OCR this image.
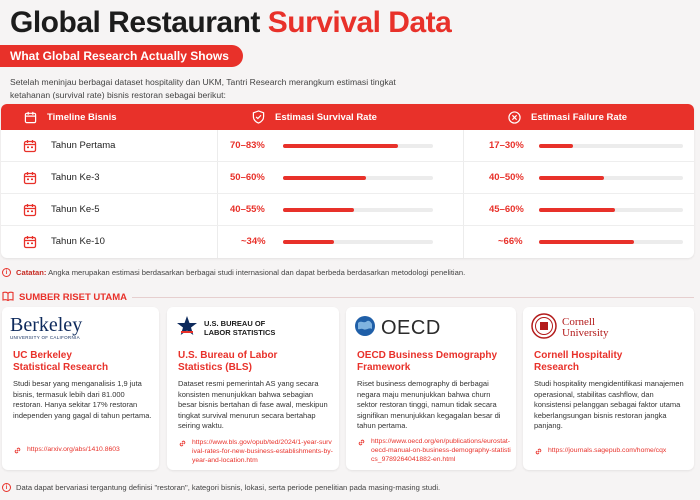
Global Restaurant Survival Data
What Global Research Actually Shows
Setelah meninjau berbagai dataset hospitality dan UKM, Tantri Research merangkum estimasi tingkat ketahanan (survival rate) bisnis restoran sebagai berikut:
Timeline Bisnis	Estimasi Survival Rate	Estimasi Failure Rate
Tahun Pertama	70–83%	17–30%
Tahun Ke-3	50–60%	40–50%
Tahun Ke-5	40–55%	45–60%
Tahun Ke-10	~34%	~66%
i	Catatan: Angka merupakan estimasi berdasarkan berbagai studi internasional dan dapat berbeda berdasarkan metodologi penelitian.
SUMBER RISET UTAMA
Berkeley
UNIVERSITY OF CALIFORNIA
UC Berkeley
Statistical Research
Studi besar yang menganalisis 1,9 juta bisnis, termasuk lebih dari 81.000 restoran. Hanya sekitar 17% restoran independen yang gagal di tahun pertama.
https://arxiv.org/abs/1410.8603
U.S. BUREAU OF
LABOR STATISTICS
U.S. Bureau of Labor
Statistics (BLS)
Dataset resmi pemerintah AS yang secara konsisten menunjukkan bahwa sebagian besar bisnis bertahan di fase awal, meskipun tingkat survival menurun secara bertahap seiring waktu.
https://www.bls.gov/opub/ted/2024/1-year-survival-rates-for-new-business-establishments-by-year-and-location.htm
OECD
OECD Business Demography
Framework
Riset business demography di berbagai negara maju menunjukkan bahwa churn sektor restoran tinggi, namun tidak secara signifikan menunjukkan kegagalan besar di tahun pertama.
https://www.oecd.org/en/publications/eurostat-oecd-manual-on-business-demography-statistics_9789264041882-en.html
Cornell
University
Cornell Hospitality
Research
Studi hospitality mengidentifikasi manajemen operasional, stabilitas cashflow, dan konsistensi pelanggan sebagai faktor utama keberlangsungan bisnis restoran jangka panjang.
https://journals.sagepub.com/home/cqx
i	Data dapat bervariasi tergantung definisi "restoran", kategori bisnis, lokasi, serta periode penelitian pada masing-masing studi.
